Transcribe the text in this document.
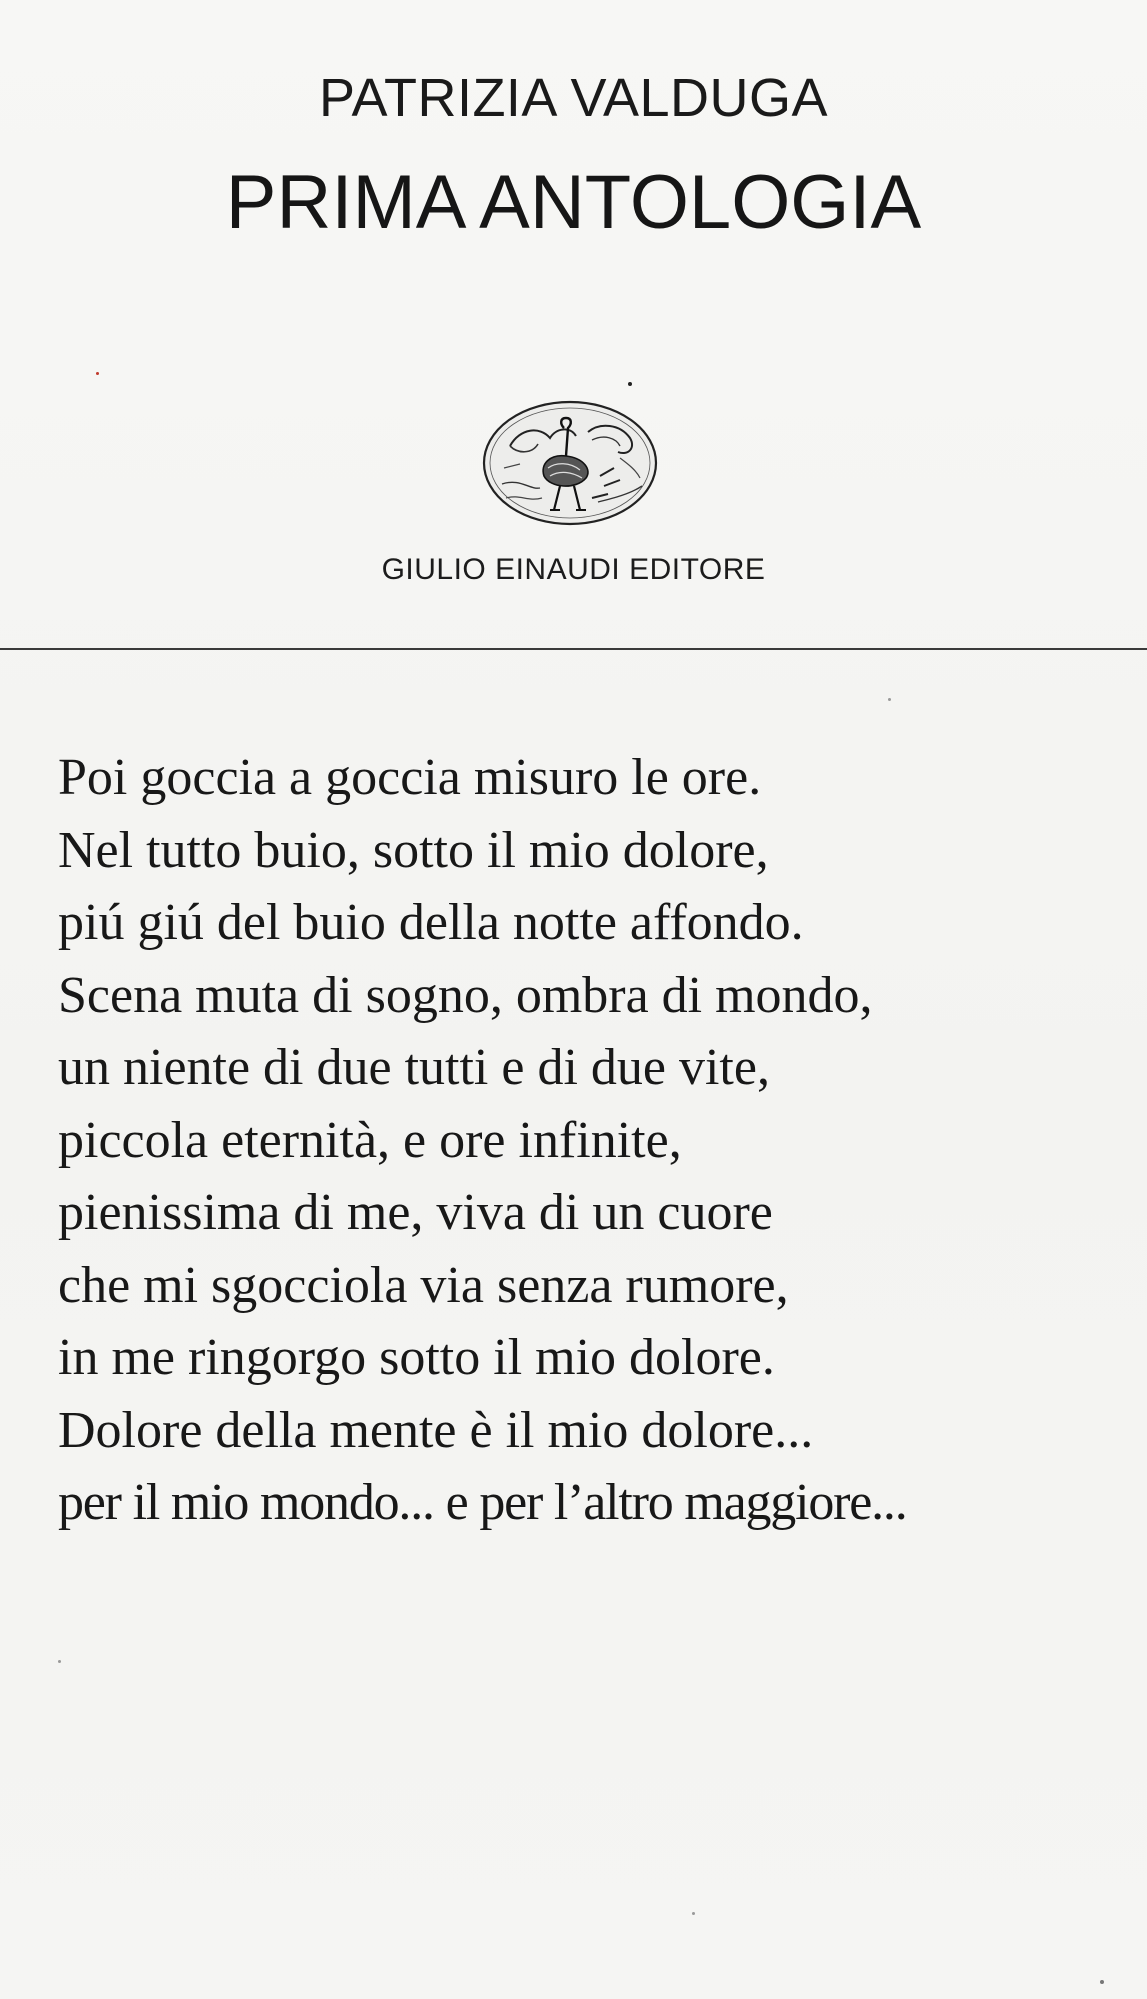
PATRIZIA VALDUGA
PRIMA ANTOLOGIA
GIULIO EINAUDI EDITORE
Poi goccia a goccia misuro le ore.
Nel tutto buio, sotto il mio dolore,
piú giú del buio della notte affondo.
Scena muta di sogno, ombra di mondo,
un niente di due tutti e di due vite,
piccola eternità, e ore infinite,
pienissima di me, viva di un cuore
che mi sgocciola via senza rumore,
in me ringorgo sotto il mio dolore.
Dolore della mente è il mio dolore...
per il mio mondo... e per l’altro maggiore...
